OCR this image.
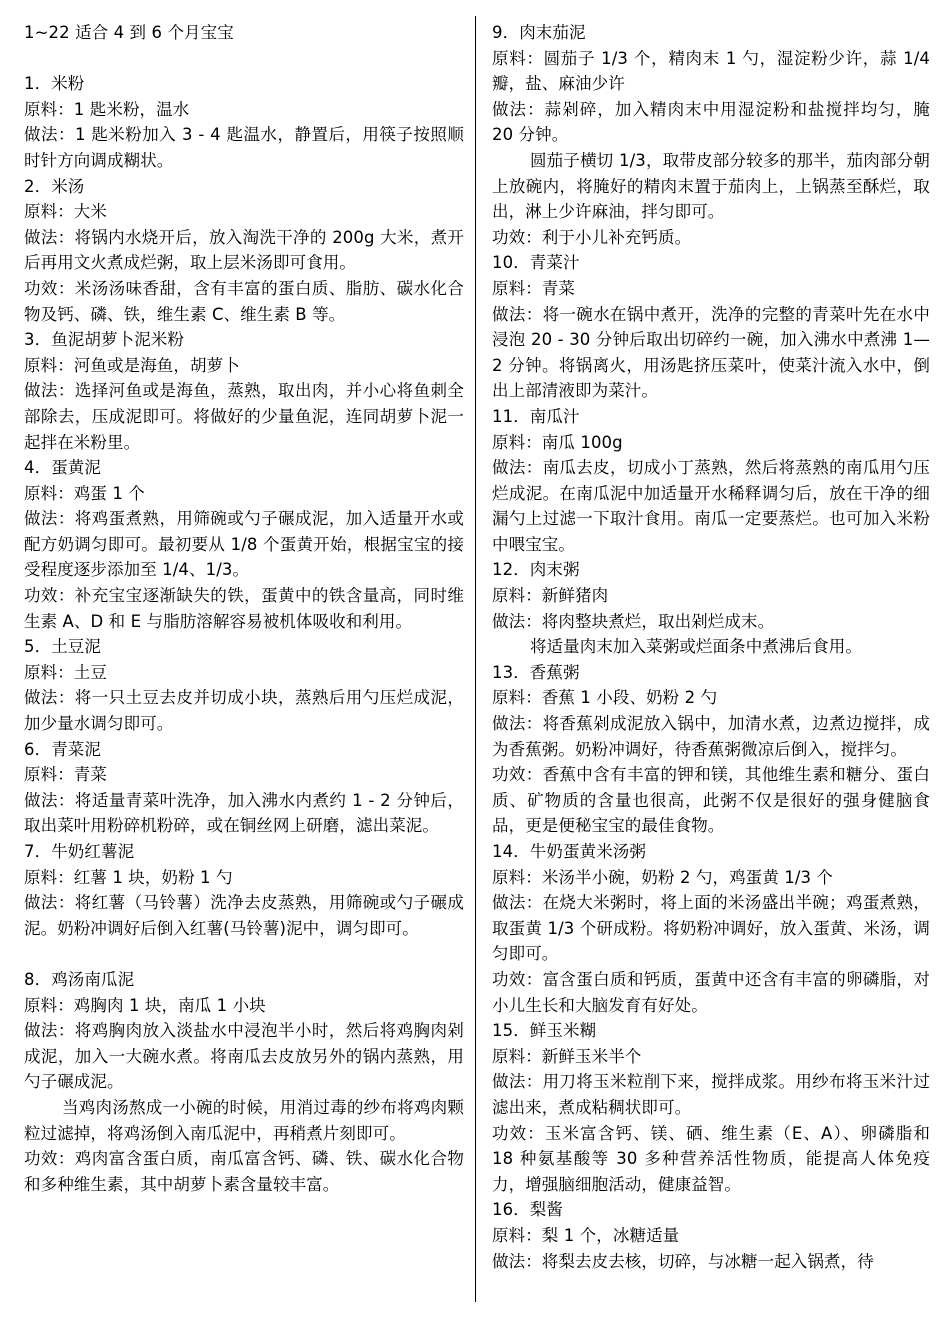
1~22 适合 4 到 6 个月宝宝
1．米粉
原料：1 匙米粉，温水
做法：1 匙米粉加入 3 - 4 匙温水，静置后，用筷子按照顺时针方向调成糊状。
2．米汤
原料：大米
做法：将锅内水烧开后，放入淘洗干净的 200g 大米，煮开后再用文火煮成烂粥，取上层米汤即可食用。
功效：米汤汤味香甜，含有丰富的蛋白质、脂肪、碳水化合物及钙、磷、铁，维生素 C、维生素 B 等。
3．鱼泥胡萝卜泥米粉
原料：河鱼或是海鱼，胡萝卜
做法：选择河鱼或是海鱼，蒸熟，取出肉，并小心将鱼刺全部除去，压成泥即可。将做好的少量鱼泥，连同胡萝卜泥一起拌在米粉里。
4．蛋黄泥
原料：鸡蛋 1 个
做法：将鸡蛋煮熟，用筛碗或勺子碾成泥，加入适量开水或配方奶调匀即可。最初要从 1/8 个蛋黄开始，根据宝宝的接受程度逐步添加至 1/4、1/3。
功效：补充宝宝逐渐缺失的铁，蛋黄中的铁含量高，同时维生素 A、D 和 E 与脂肪溶解容易被机体吸收和利用。
5．土豆泥
原料：土豆
做法：将一只土豆去皮并切成小块，蒸熟后用勺压烂成泥，加少量水调匀即可。
6．青菜泥
原料：青菜
做法：将适量青菜叶洗净，加入沸水内煮约 1 - 2 分钟后，取出菜叶用粉碎机粉碎，或在铜丝网上研磨，滤出菜泥。
7．牛奶红薯泥
原料：红薯 1 块，奶粉 1 勺
做法：将红薯（马铃薯）洗净去皮蒸熟，用筛碗或勺子碾成泥。奶粉冲调好后倒入红薯(马铃薯)泥中，调匀即可。
8．鸡汤南瓜泥
原料：鸡胸肉 1 块，南瓜 1 小块
做法：将鸡胸肉放入淡盐水中浸泡半小时，然后将鸡胸肉剁成泥，加入一大碗水煮。将南瓜去皮放另外的锅内蒸熟，用勺子碾成泥。
当鸡肉汤熬成一小碗的时候，用消过毒的纱布将鸡肉颗粒过滤掉，将鸡汤倒入南瓜泥中，再稍煮片刻即可。
功效：鸡肉富含蛋白质，南瓜富含钙、磷、铁、碳水化合物和多种维生素，其中胡萝卜素含量较丰富。
9．肉末茄泥
原料：圆茄子 1/3 个，精肉末 1 勺，湿淀粉少许，蒜 1/4 瓣，盐、麻油少许
做法：蒜剁碎，加入精肉末中用湿淀粉和盐搅拌均匀，腌 20 分钟。
圆茄子横切 1/3，取带皮部分较多的那半，茄肉部分朝上放碗内，将腌好的精肉末置于茄肉上，上锅蒸至酥烂，取出，淋上少许麻油，拌匀即可。
功效：利于小儿补充钙质。
10．青菜汁
原料：青菜
做法：将一碗水在锅中煮开，洗净的完整的青菜叶先在水中浸泡 20 - 30 分钟后取出切碎约一碗，加入沸水中煮沸 1—2 分钟。将锅离火，用汤匙挤压菜叶，使菜汁流入水中，倒出上部清液即为菜汁。
11．南瓜汁
原料：南瓜 100g
做法：南瓜去皮，切成小丁蒸熟，然后将蒸熟的南瓜用勺压烂成泥。在南瓜泥中加适量开水稀释调匀后，放在干净的细漏勺上过滤一下取汁食用。南瓜一定要蒸烂。也可加入米粉中喂宝宝。
12．肉末粥
原料：新鲜猪肉
做法：将肉整块煮烂，取出剁烂成末。
将适量肉末加入菜粥或烂面条中煮沸后食用。
13．香蕉粥
原料：香蕉 1 小段、奶粉 2 勺
做法：将香蕉剁成泥放入锅中，加清水煮，边煮边搅拌，成为香蕉粥。奶粉冲调好，待香蕉粥微凉后倒入，搅拌匀。
功效：香蕉中含有丰富的钾和镁，其他维生素和糖分、蛋白质、矿物质的含量也很高，此粥不仅是很好的强身健脑食品，更是便秘宝宝的最佳食物。
14．牛奶蛋黄米汤粥
原料：米汤半小碗，奶粉 2 勺，鸡蛋黄 1/3 个
做法：在烧大米粥时，将上面的米汤盛出半碗；鸡蛋煮熟，取蛋黄 1/3 个研成粉。将奶粉冲调好，放入蛋黄、米汤，调匀即可。
功效：富含蛋白质和钙质，蛋黄中还含有丰富的卵磷脂，对小儿生长和大脑发育有好处。
15．鲜玉米糊
原料：新鲜玉米半个
做法：用刀将玉米粒削下来，搅拌成浆。用纱布将玉米汁过滤出来，煮成粘稠状即可。
功效：玉米富含钙、镁、硒、维生素（E、A）、卵磷脂和 18 种氨基酸等 30 多种营养活性物质，能提高人体免疫力，增强脑细胞活动，健康益智。
16．梨酱
原料：梨 1 个，冰糖适量
做法：将梨去皮去核，切碎，与冰糖一起入锅煮，待
